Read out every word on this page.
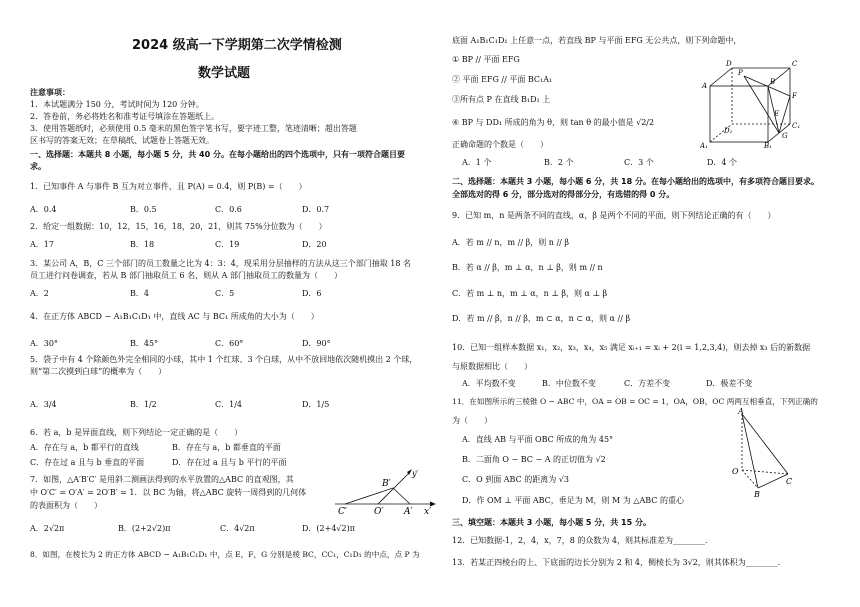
2024 级高一下学期第二次学情检测
数学试题
注意事项：
1．本试题满分 150 分，考试时间为 120 分钟。
2．答卷前，务必将姓名和准考证号填涂在答题纸上。
3．使用答题纸时，必须使用 0.5 毫米的黑色签字笔书写，要字迹工整，笔迹清晰；超出答题
区书写的答案无效；在草稿纸、试题卷上答题无效。
一、选择题：本题共 8 小题，每小题 5 分，共 40 分。在每小题给出的四个选项中，只有一项符合题目要
求。
1．已知事件 A 与事件 B 互为对立事件，且 P(A) = 0.4，则 P(B) =（　　）
A．0.4	B．0.5	C．0.6	D．0.7
2．给定一组数据：10，12，15，16，18，20，21，则其 75%分位数为（　　）
A．17	B．18	C．19	D．20
3．某公司 A，B，C 三个部门的员工数量之比为 4：3：4，现采用分层抽样的方法从这三个部门抽取 18 名
员工进行问卷调查，若从 B 部门抽取员工 6 名，则从 A 部门抽取员工的数量为（　　）
A．2	B．4	C．5	D．6
4．在正方体 ABCD − A₁B₁C₁D₁ 中，直线 AC 与 BC₁ 所成角的大小为（　　）
A．30°	B．45°	C．60°	D．90°
5．袋子中有 4 个除颜色外完全相同的小球，其中 1 个红球、3 个白球，从中不放回地依次随机摸出 2 个球，
则“第二次摸到白球”的概率为（　　）
A．3/4	B．1/2	C．1/4	D．1/5
6．若 a，b 是异面直线，则下列结论一定正确的是（　　）
A．存在与 a，b 都平行的直线	B．存在与 a，b 都垂直的平面
C．存在过 a 且与 b 垂直的平面	D．存在过 a 且与 b 平行的平面
7．如图，△A′B′C′ 是用斜二测画法得到的水平放置的△ABC 的直观图，其
中 O′C′ = O′A′ = 2O′B′ = 1．以 BC 为轴，将△ABC 旋转一周得到的几何体
的表面积为（　　）
A．2√2π	B．(2+2√2)π	C．4√2π	D．(2+4√2)π
8．如图，在棱长为 2 的正方体 ABCD − A₁B₁C₁D₁ 中，点 E，F，G 分别是棱 BC，CC₁，C₁D₁ 的中点，点 P 为
y′
B′
C′	O′ A′ x′
底面 A₁B₁C₁D₁ 上任意一点，若直线 BP 与平面 EFG 无公共点，则下列命题中，
① BP // 平面 EFG
② 平面 EFG // 平面 BC₁A₁
③所有点 P 在直线 B₁D₁ 上
④ BP 与 DD₁ 所成的角为 θ，则 tan θ 的最小值是 √2/2
正确命题的个数是（　　）
A．1 个	B．2 个	C．3 个	D．4 个
二、选择题：本题共 3 小题，每小题 6 分，共 18 分。在每小题给出的选项中，有多项符合题目要求。
全部选对的得 6 分，部分选对的得部分分，有选错的得 0 分。
9．已知 m，n 是两条不同的直线，α，β 是两个不同的平面，则下列结论正确的有（　　）
A．若 m // n，m // β，则 n // β
B．若 α // β，m ⊥ α，n ⊥ β，则 m // n
C．若 m ⊥ n，m ⊥ α，n ⊥ β，则 α ⊥ β
D．若 m // β，n // β，m ⊂ α，n ⊂ α，则 α // β
10．已知一组样本数据 x₁，x₂，x₃，x₄，x₅ 满足 xᵢ₊₁ = xᵢ + 2(i = 1,2,3,4)，则去掉 x₃ 后的新数据
与原数据相比（　　）
A．平均数不变	B．中位数不变	C．方差不变	D．极差不变
11．在如图所示的三棱锥 O − ABC 中，OA = OB = OC = 1，OA，OB，OC 两两互相垂直，下列正确的
为（　　）
A．直线 AB 与平面 OBC 所成的角为 45°
B．二面角 O − BC − A 的正切值为 √2
C．O 到面 ABC 的距离为 √3
D．作 OM ⊥ 平面 ABC，垂足为 M，则 M 为 △ABC 的重心
三、填空题：本题共 3 小题，每小题 5 分，共 15 分。
12．已知数据-1，2，4，x，7，8 的众数为 4，则其标准差为________．
13．若某正四棱台的上、下底面的边长分别为 2 和 4，侧棱长为 3√2，则其体积为________．
D	C
A	B
D₁
C₁
A₁	B₁
P
F
G
E
A
O
C
B
